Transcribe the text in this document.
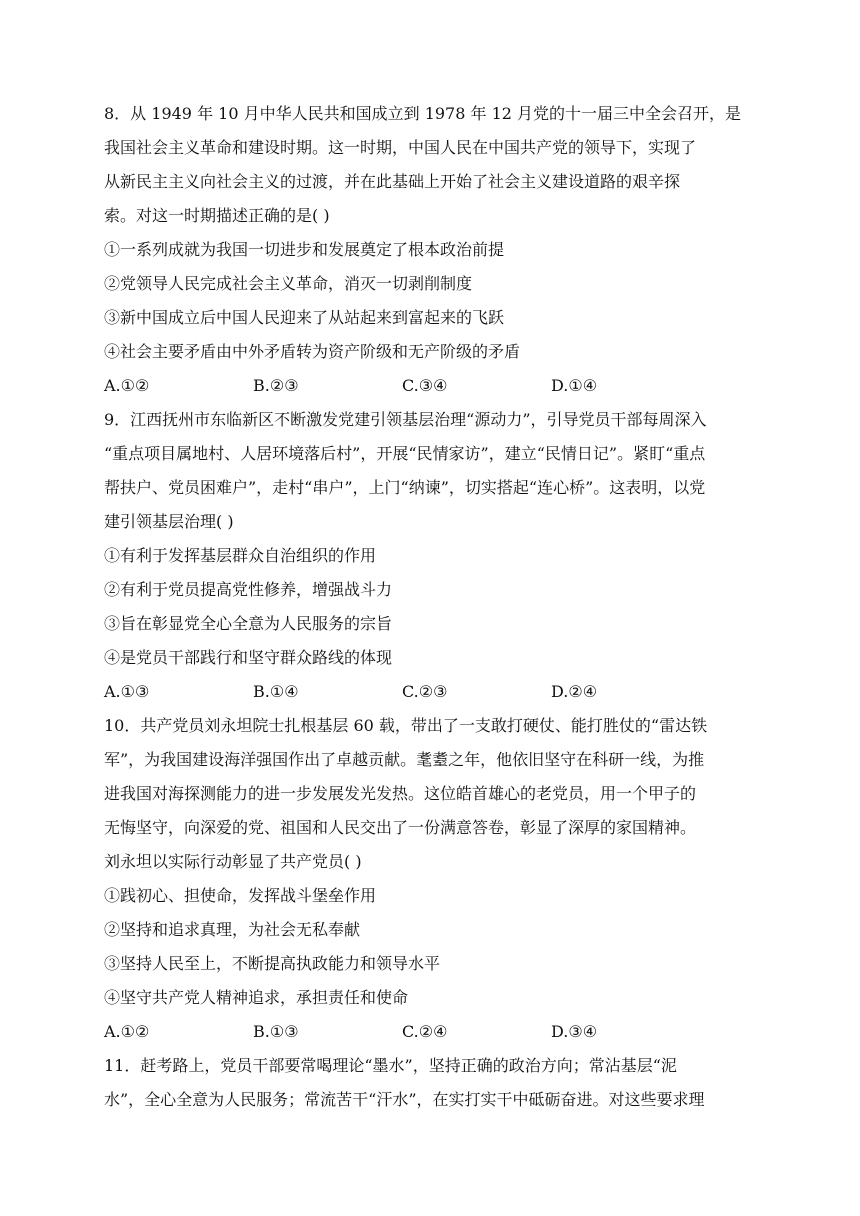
8．从 1949 年 10 月中华人民共和国成立到 1978 年 12 月党的十一届三中全会召开，是
我国社会主义革命和建设时期。这一时期，中国人民在中国共产党的领导下，实现了
从新民主主义向社会主义的过渡，并在此基础上开始了社会主义建设道路的艰辛探
索。对这一时期描述正确的是( )
①一系列成就为我国一切进步和发展奠定了根本政治前提
②党领导人民完成社会主义革命，消灭一切剥削制度
③新中国成立后中国人民迎来了从站起来到富起来的飞跃
④社会主要矛盾由中外矛盾转为资产阶级和无产阶级的矛盾
A.①②	B.②③	C.③④	D.①④
9．江西抚州市东临新区不断激发党建引领基层治理“源动力”，引导党员干部每周深入
“重点项目属地村、人居环境落后村”，开展“民情家访”，建立“民情日记”。紧盯“重点
帮扶户、党员困难户”，走村“串户”，上门“纳谏”，切实搭起“连心桥”。这表明，以党
建引领基层治理( )
①有利于发挥基层群众自治组织的作用
②有利于党员提高党性修养，增强战斗力
③旨在彰显党全心全意为人民服务的宗旨
④是党员干部践行和坚守群众路线的体现
A.①③	B.①④	C.②③	D.②④
10．共产党员刘永坦院士扎根基层 60 载，带出了一支敢打硬仗、能打胜仗的“雷达铁
军”，为我国建设海洋强国作出了卓越贡献。耄耋之年，他依旧坚守在科研一线，为推
进我国对海探测能力的进一步发展发光发热。这位皓首雄心的老党员，用一个甲子的
无悔坚守，向深爱的党、祖国和人民交出了一份满意答卷，彰显了深厚的家国精神。
刘永坦以实际行动彰显了共产党员( )
①践初心、担使命，发挥战斗堡垒作用
②坚持和追求真理，为社会无私奉献
③坚持人民至上，不断提高执政能力和领导水平
④坚守共产党人精神追求，承担责任和使命
A.①②	B.①③	C.②④	D.③④
11．赶考路上，党员干部要常喝理论“墨水”，坚持正确的政治方向；常沾基层“泥
水”，全心全意为人民服务；常流苦干“汗水”，在实打实干中砥砺奋进。对这些要求理
